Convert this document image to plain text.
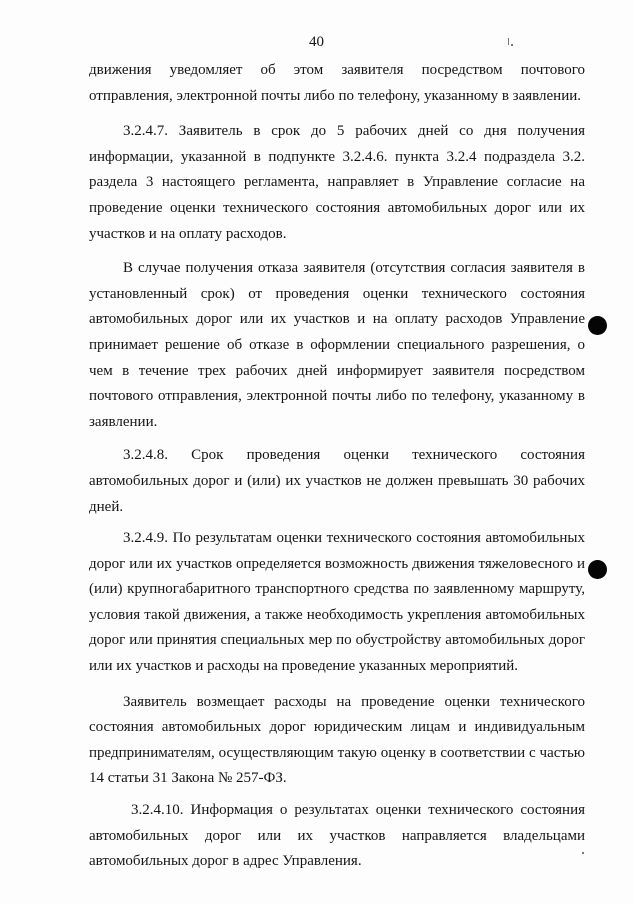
40

движения уведомляет об этом заявителя посредством почтового отправления, электронной почты либо по телефону, указанному в заявлении.

3.2.4.7. Заявитель в срок до 5 рабочих дней со дня получения информации, указанной в подпункте 3.2.4.6. пункта 3.2.4 подраздела 3.2. раздела 3 настоящего регламента, направляет в Управление согласие на проведение оценки технического состояния автомобильных дорог или их участков и на оплату расходов.

В случае получения отказа заявителя (отсутствия согласия заявителя в установленный срок) от проведения оценки технического состояния автомобильных дорог или их участков и на оплату расходов Управление принимает решение об отказе в оформлении специального разрешения, о чем в течение трех рабочих дней информирует заявителя посредством почтового отправления, электронной почты либо по телефону, указанному в заявлении.

3.2.4.8. Срок проведения оценки технического состояния автомобильных дорог и (или) их участков не должен превышать 30 рабочих дней.

3.2.4.9. По результатам оценки технического состояния автомобильных дорог или их участков определяется возможность движения тяжеловесного и (или) крупногабаритного транспортного средства по заявленному маршруту, условия такой движения, а также необходимость укрепления автомобильных дорог или принятия специальных мер по обустройству автомобильных дорог или их участков и расходы на проведение указанных мероприятий.

Заявитель возмещает расходы на проведение оценки технического состояния автомобильных дорог юридическим лицам и индивидуальным предпринимателям, осуществляющим такую оценку в соответствии с частью 14 статьи 31 Закона № 257-ФЗ.

3.2.4.10. Информация о результатах оценки технического состояния автомобильных дорог или их участков направляется владельцами автомобильных дорог в адрес Управления.
